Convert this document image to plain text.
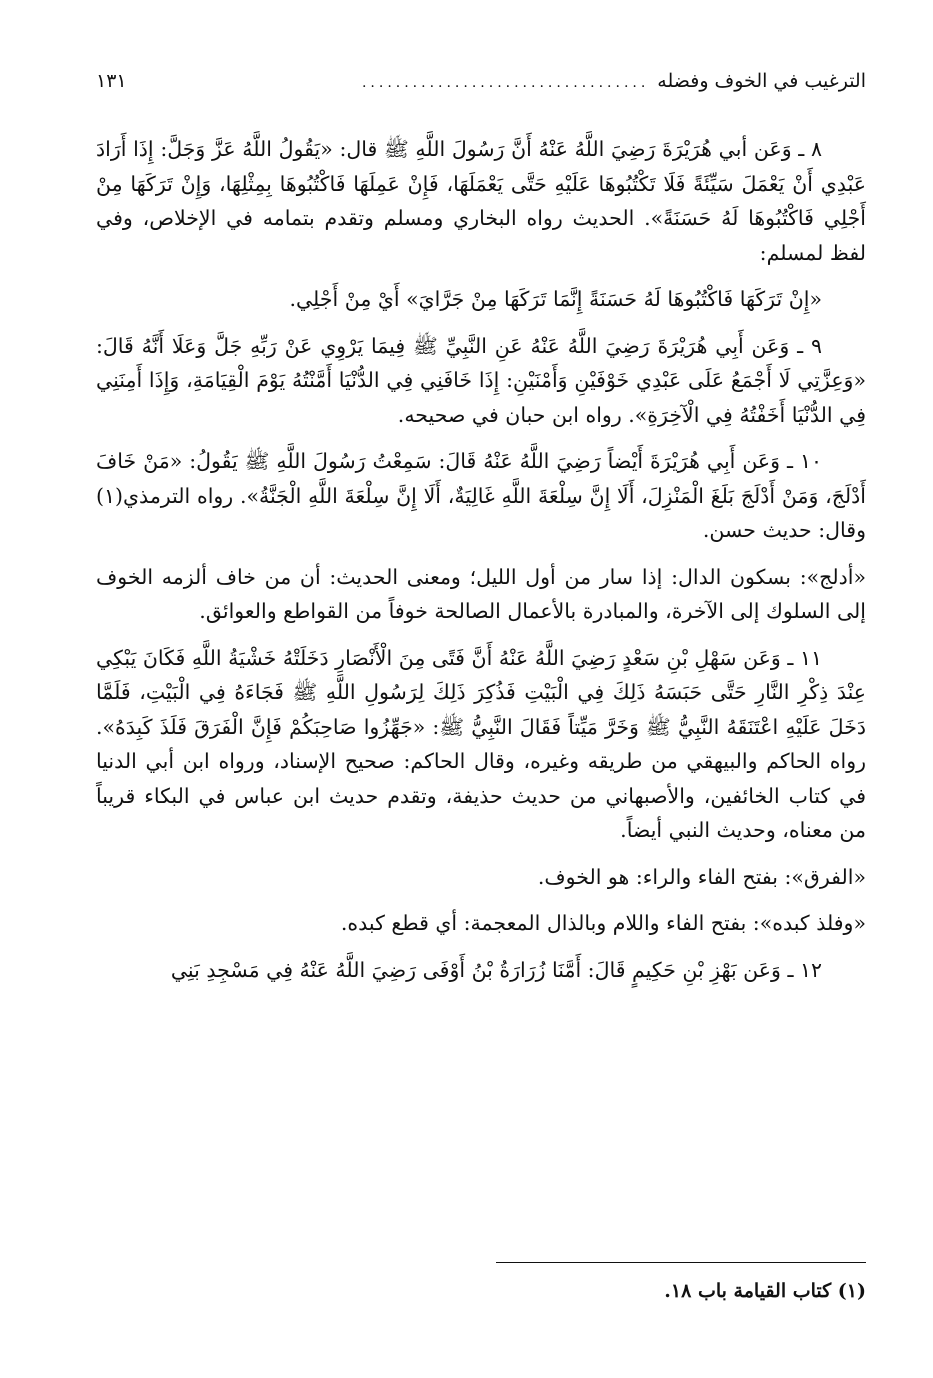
الترغيب في الخوف وفضله
..................................
١٣١

٨ ـ وَعَن أبي هُرَيْرَةَ رَضِيَ اللَّهُ عَنْهُ أَنَّ رَسُولَ اللَّهِ ﷺ قال: «يَقُولُ اللَّهُ عَزَّ وَجَلَّ: إِذَا أَرَادَ عَبْدِي أَنْ يَعْمَلَ سَيِّئَةً فَلَا تَكْتُبُوهَا عَلَيْهِ حَتَّى يَعْمَلَهَا، فَإِنْ عَمِلَهَا فَاكْتُبُوهَا بِمِثْلِهَا، وَإِنْ تَرَكَهَا مِنْ أَجْلِي فَاكْتُبُوهَا لَهُ حَسَنَةً». الحديث رواه البخاري ومسلم وتقدم بتمامه في الإخلاص، وفي لفظ لمسلم:

«إِنْ تَرَكَهَا فَاكْتُبُوهَا لَهُ حَسَنَةً إِنَّمَا تَرَكَهَا مِنْ جَرَّايَ» أَيْ مِنْ أَجْلِي.

٩ ـ وَعَن أَبِي هُرَيْرَةَ رَضِيَ اللَّهُ عَنْهُ عَنِ النَّبِيِّ ﷺ فِيمَا يَرْوِي عَنْ رَبِّهِ جَلَّ وَعَلَا أَنَّهُ قَالَ: «وَعِزَّتِي لَا أَجْمَعُ عَلَى عَبْدِي خَوْفَيْنِ وَأَمْنَيْنِ: إِذَا خَافَنِي فِي الدُّنْيَا أَمَّنْتُهُ يَوْمَ الْقِيَامَةِ، وَإِذَا أَمِنَنِي فِي الدُّنْيَا أَخَفْتُهُ فِي الْآخِرَةِ». رواه ابن حبان في صحيحه.

١٠ ـ وَعَن أَبِي هُرَيْرَةَ أَيْضاً رَضِيَ اللَّهُ عَنْهُ قَالَ: سَمِعْتُ رَسُولَ اللَّهِ ﷺ يَقُولُ: «مَنْ خَافَ أَدْلَجَ، وَمَنْ أَدْلَجَ بَلَغَ الْمَنْزِلَ، أَلَا إِنَّ سِلْعَةَ اللَّهِ غَالِيَةٌ، أَلَا إِنَّ سِلْعَةَ اللَّهِ الْجَنَّةُ». رواه الترمذي(١) وقال: حديث حسن.

«أدلج»: بسكون الدال: إذا سار من أول الليل؛ ومعنى الحديث: أن من خاف ألزمه الخوف إلى السلوك إلى الآخرة، والمبادرة بالأعمال الصالحة خوفاً من القواطع والعوائق.

١١ ـ وَعَن سَهْلِ بْنِ سَعْدٍ رَضِيَ اللَّهُ عَنْهُ أَنَّ فَتًى مِنَ الْأَنْصَارِ دَخَلَتْهُ خَشْيَةُ اللَّهِ فَكَانَ يَبْكِي عِنْدَ ذِكْرِ النَّارِ حَتَّى حَبَسَهُ ذَلِكَ فِي الْبَيْتِ فَذُكِرَ ذَلِكَ لِرَسُولِ اللَّهِ ﷺ فَجَاءَهُ فِي الْبَيْتِ، فَلَمَّا دَخَلَ عَلَيْهِ اعْتَنَقَهُ النَّبِيُّ ﷺ وَخَرَّ مَيِّتاً فَقَالَ النَّبِيُّ ﷺ: «جَهِّزُوا صَاحِبَكُمْ فَإِنَّ الْفَرَقَ فَلَذَ كَبِدَهُ». رواه الحاكم والبيهقي من طريقه وغيره، وقال الحاكم: صحيح الإسناد، ورواه ابن أبي الدنيا في كتاب الخائفين، والأصبهاني من حديث حذيفة، وتقدم حديث ابن عباس في البكاء قريباً من معناه، وحديث النبي أيضاً.

«الفرق»: بفتح الفاء والراء: هو الخوف.

«وفلذ كبده»: بفتح الفاء واللام وبالذال المعجمة: أي قطع كبده.

١٢ ـ وَعَن بَهْزِ بْنِ حَكِيمٍ قَالَ: أَمَّنَا زُرَارَةُ بْنُ أَوْفَى رَضِيَ اللَّهُ عَنْهُ فِي مَسْجِدِ بَنِي

(١) كتاب القيامة باب ١٨.
